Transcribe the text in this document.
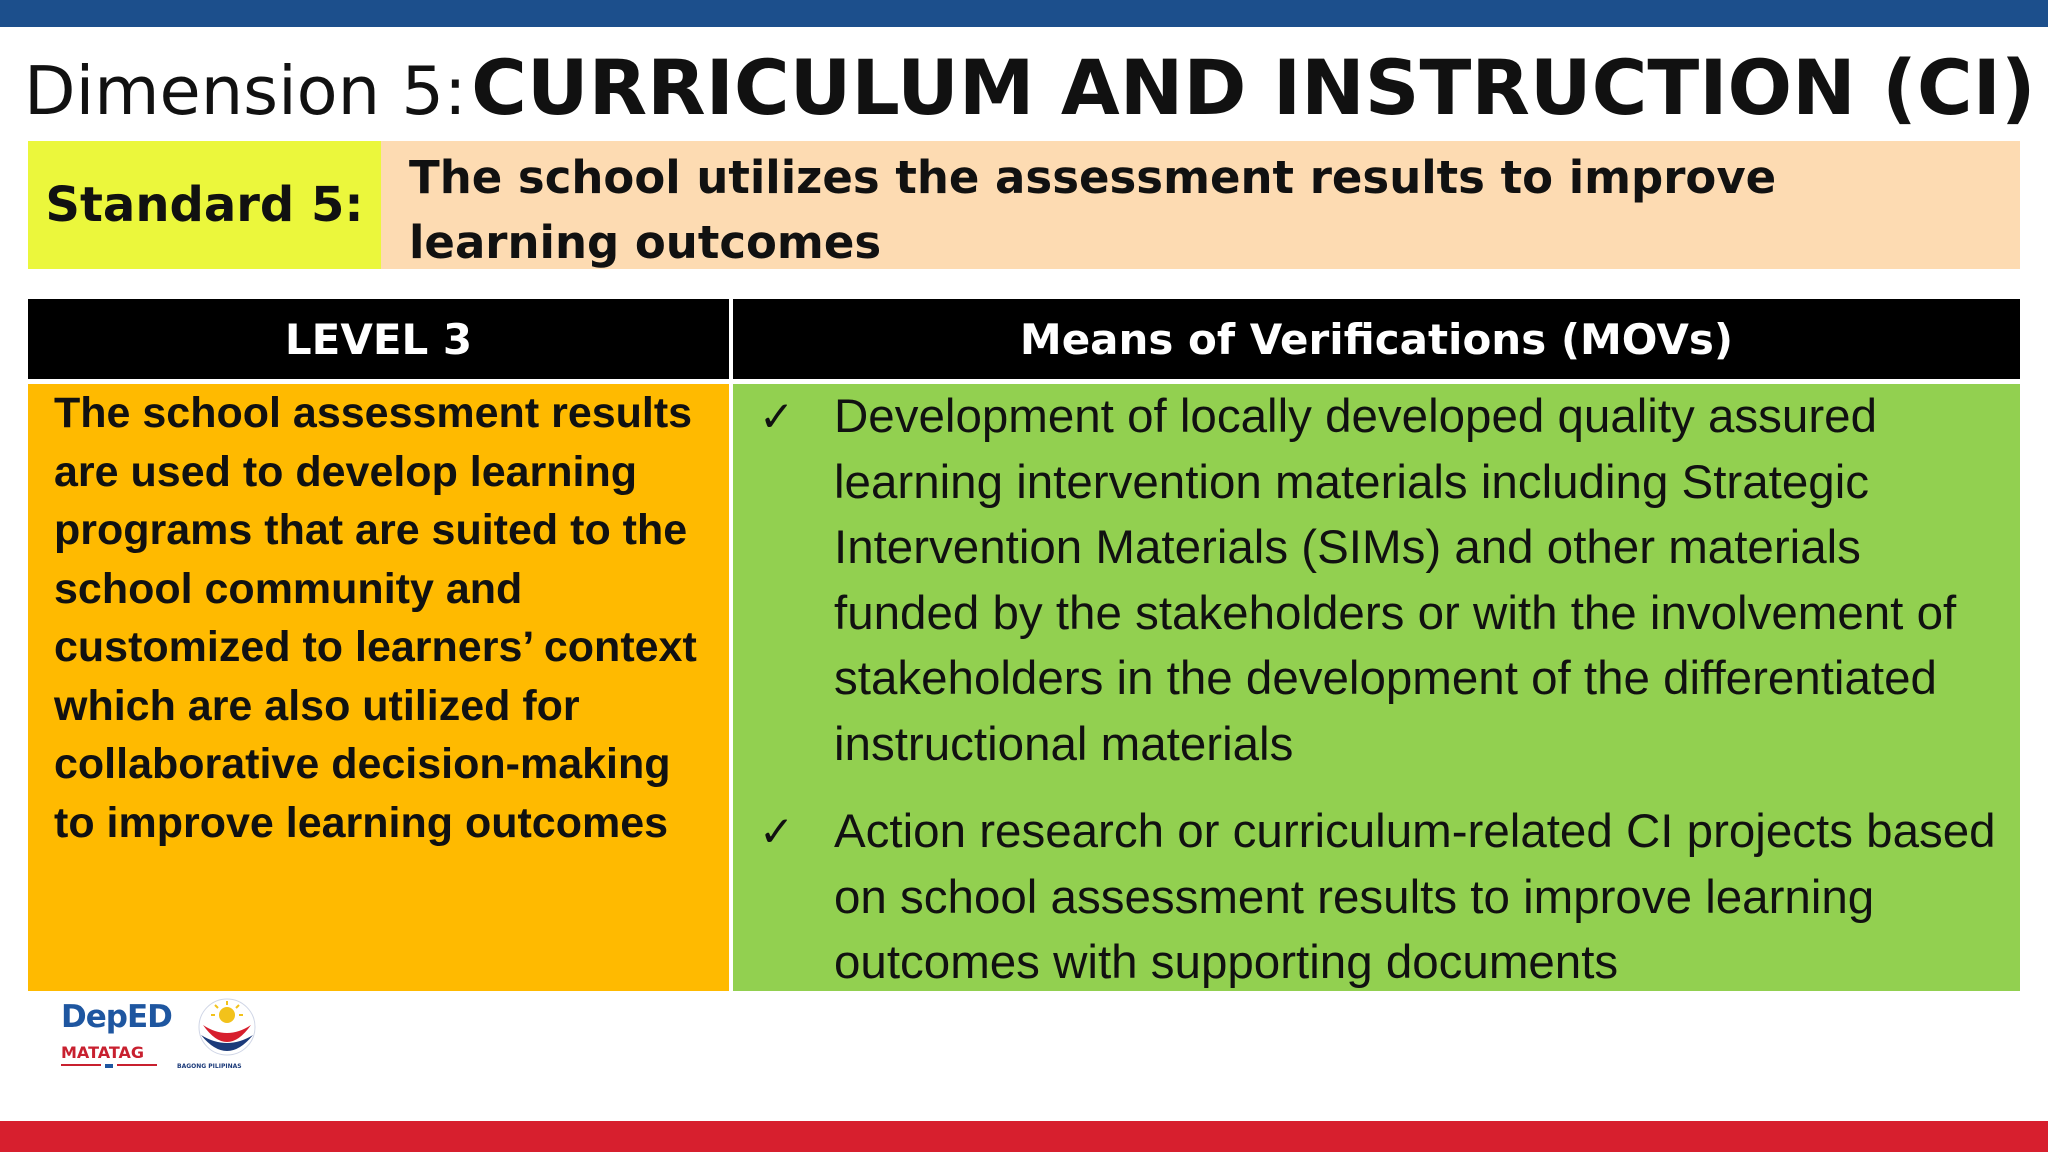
Dimension 5: CURRICULUM AND INSTRUCTION (CI)
Standard 5:	The school utilizes the assessment results to improve learning outcomes
LEVEL 3	Means of Verifications (MOVs)

The school assessment results are used to develop learning programs that are suited to the school community and customized to learners’ context which are also utilized for collaborative decision-making to improve learning outcomes

✓ Development of locally developed quality assured learning intervention materials including Strategic Intervention Materials (SIMs) and other materials funded by the stakeholders or with the involvement of stakeholders in the development of the differentiated instructional materials
✓ Action research or curriculum-related CI projects based on school assessment results to improve learning outcomes with supporting documents
DepED
MATATAG
BAGONG PILIPINAS
